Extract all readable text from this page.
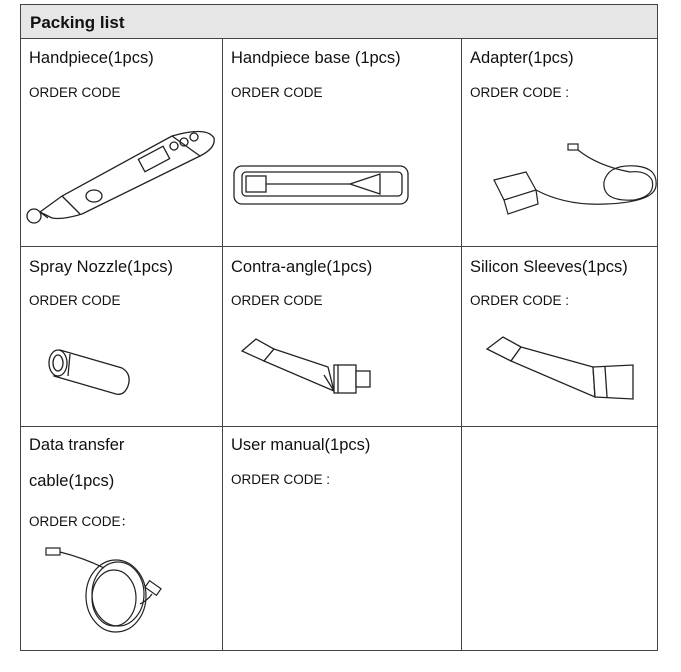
Packing list
Handpiece(1pcs)
ORDER CODE
Handpiece base (1pcs)
ORDER CODE
Adapter(1pcs)
ORDER CODE :
Spray Nozzle(1pcs)
ORDER CODE
Contra-angle(1pcs)
ORDER CODE
Silicon Sleeves(1pcs)
ORDER CODE :
Data transfer
cable(1pcs)
ORDER CODE：
User manual(1pcs)
ORDER CODE :
